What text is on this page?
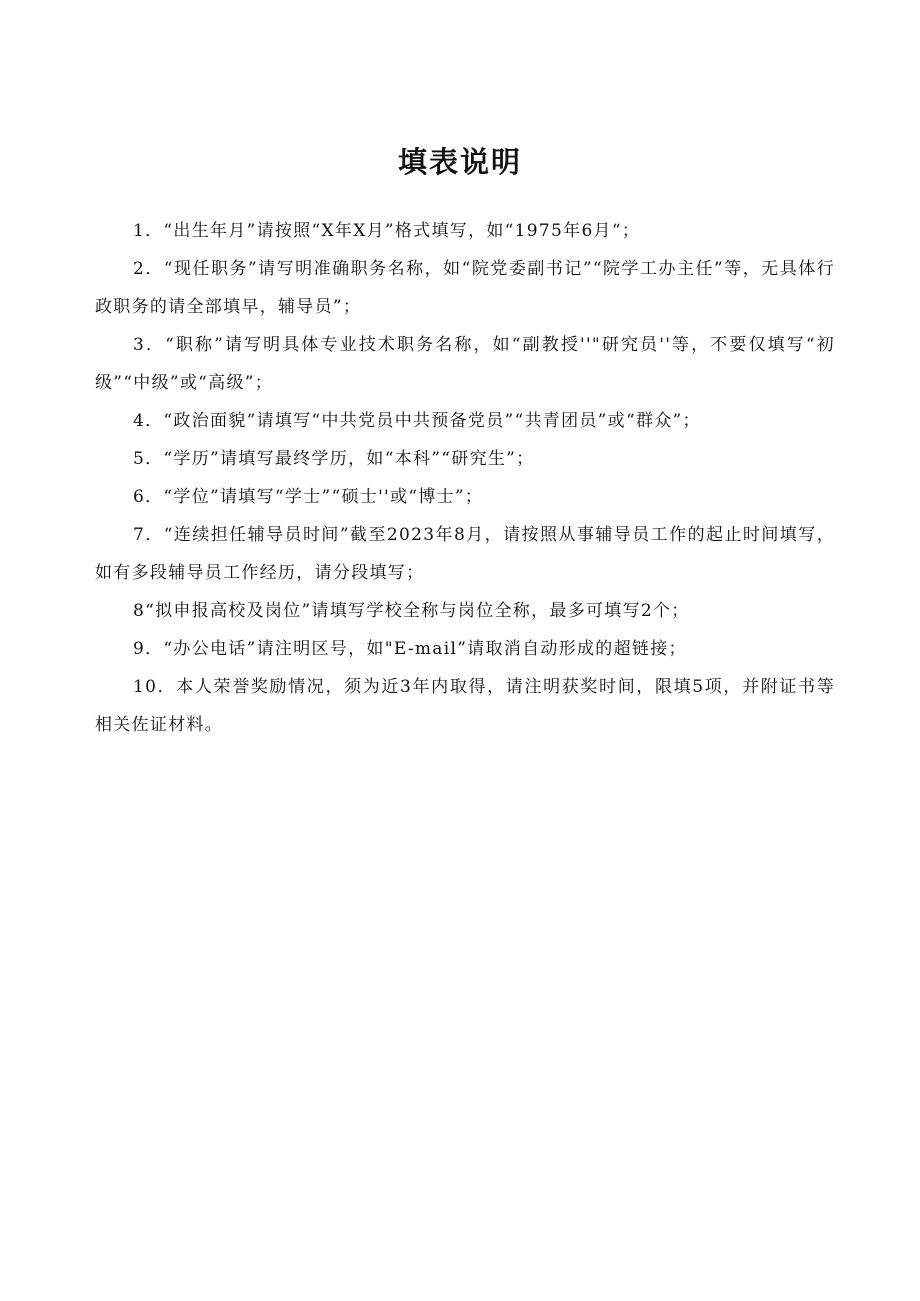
填表说明

1．“出生年月”请按照“X年X月”格式填写，如“1975年6月“；

2．“现任职务”请写明准确职务名称，如“院党委副书记”“院学工办主任”等，无具体行政职务的请全部填早，辅导员”；

3．“职称”请写明具体专业技术职务名称，如“副教授''"研究员''等，不要仅填写“初级”“中级”或“高级”；

4．“政治面貌”请填写“中共党员中共预备党员”“共青团员”或“群众”；

5．“学历”请填写最终学历，如“本科”“研究生”；

6．“学位”请填写“学士”“硕士''或“博士”；

7．“连续担任辅导员时间”截至2023年8月，请按照从事辅导员工作的起止时间填写，如有多段辅导员工作经历，请分段填写；

8“拟申报高校及岗位”请填写学校全称与岗位全称，最多可填写2个；

9．“办公电话”请注明区号，如"E-mail”请取消自动形成的超链接；

10．本人荣誉奖励情况，须为近3年内取得，请注明获奖时间，限填5项，并附证书等相关佐证材料。
